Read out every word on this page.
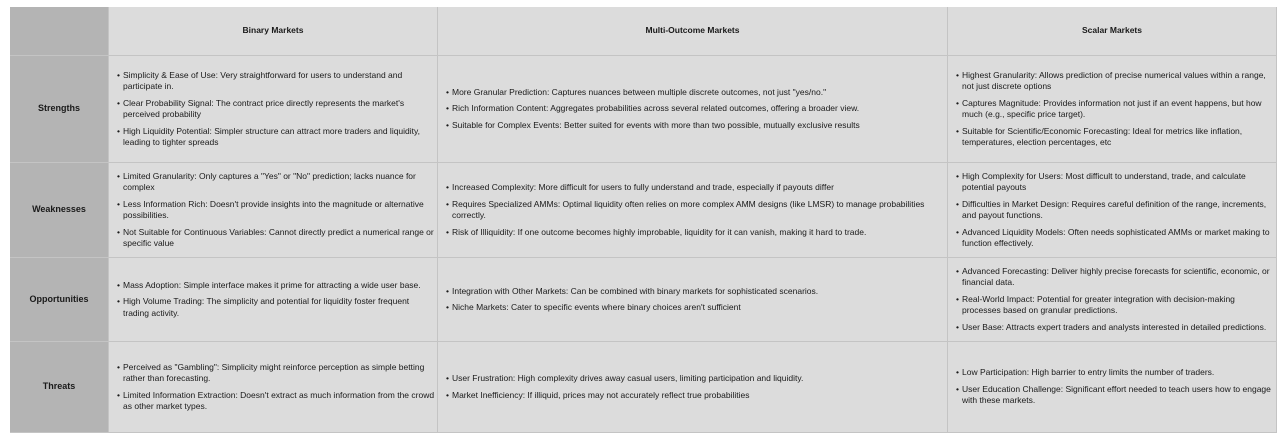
Binary Markets	Multi-Outcome Markets	Scalar Markets
Strengths
• Simplicity & Ease of Use: Very straightforward for users to understand and participate in.
• Clear Probability Signal: The contract price directly represents the market's perceived probability
• High Liquidity Potential: Simpler structure can attract more traders and liquidity, leading to tighter spreads
• More Granular Prediction: Captures nuances between multiple discrete outcomes, not just "yes/no."
• Rich Information Content: Aggregates probabilities across several related outcomes, offering a broader view.
• Suitable for Complex Events: Better suited for events with more than two possible, mutually exclusive results
• Highest Granularity: Allows prediction of precise numerical values within a range, not just discrete options
• Captures Magnitude: Provides information not just if an event happens, but how much (e.g., specific price target).
• Suitable for Scientific/Economic Forecasting: Ideal for metrics like inflation, temperatures, election percentages, etc
Weaknesses
• Limited Granularity: Only captures a "Yes" or "No" prediction; lacks nuance for complex
• Less Information Rich: Doesn't provide insights into the magnitude or alternative possibilities.
• Not Suitable for Continuous Variables: Cannot directly predict a numerical range or specific value
• Increased Complexity: More difficult for users to fully understand and trade, especially if payouts differ
• Requires Specialized AMMs: Optimal liquidity often relies on more complex AMM designs (like LMSR) to manage probabilities correctly.
• Risk of Illiquidity: If one outcome becomes highly improbable, liquidity for it can vanish, making it hard to trade.
• High Complexity for Users: Most difficult to understand, trade, and calculate potential payouts
• Difficulties in Market Design: Requires careful definition of the range, increments, and payout functions.
• Advanced Liquidity Models: Often needs sophisticated AMMs or market making to function effectively.
Opportunities
• Mass Adoption: Simple interface makes it prime for attracting a wide user base.
• High Volume Trading: The simplicity and potential for liquidity foster frequent trading activity.
• Integration with Other Markets: Can be combined with binary markets for sophisticated scenarios.
• Niche Markets: Cater to specific events where binary choices aren't sufficient
• Advanced Forecasting: Deliver highly precise forecasts for scientific, economic, or financial data.
• Real-World Impact: Potential for greater integration with decision-making processes based on granular predictions.
• User Base: Attracts expert traders and analysts interested in detailed predictions.
Threats
• Perceived as "Gambling": Simplicity might reinforce perception as simple betting rather than forecasting.
• Limited Information Extraction: Doesn't extract as much information from the crowd as other market types.
• User Frustration: High complexity drives away casual users, limiting participation and liquidity.
• Market Inefficiency: If illiquid, prices may not accurately reflect true probabilities
• Low Participation: High barrier to entry limits the number of traders.
• User Education Challenge: Significant effort needed to teach users how to engage with these markets.
